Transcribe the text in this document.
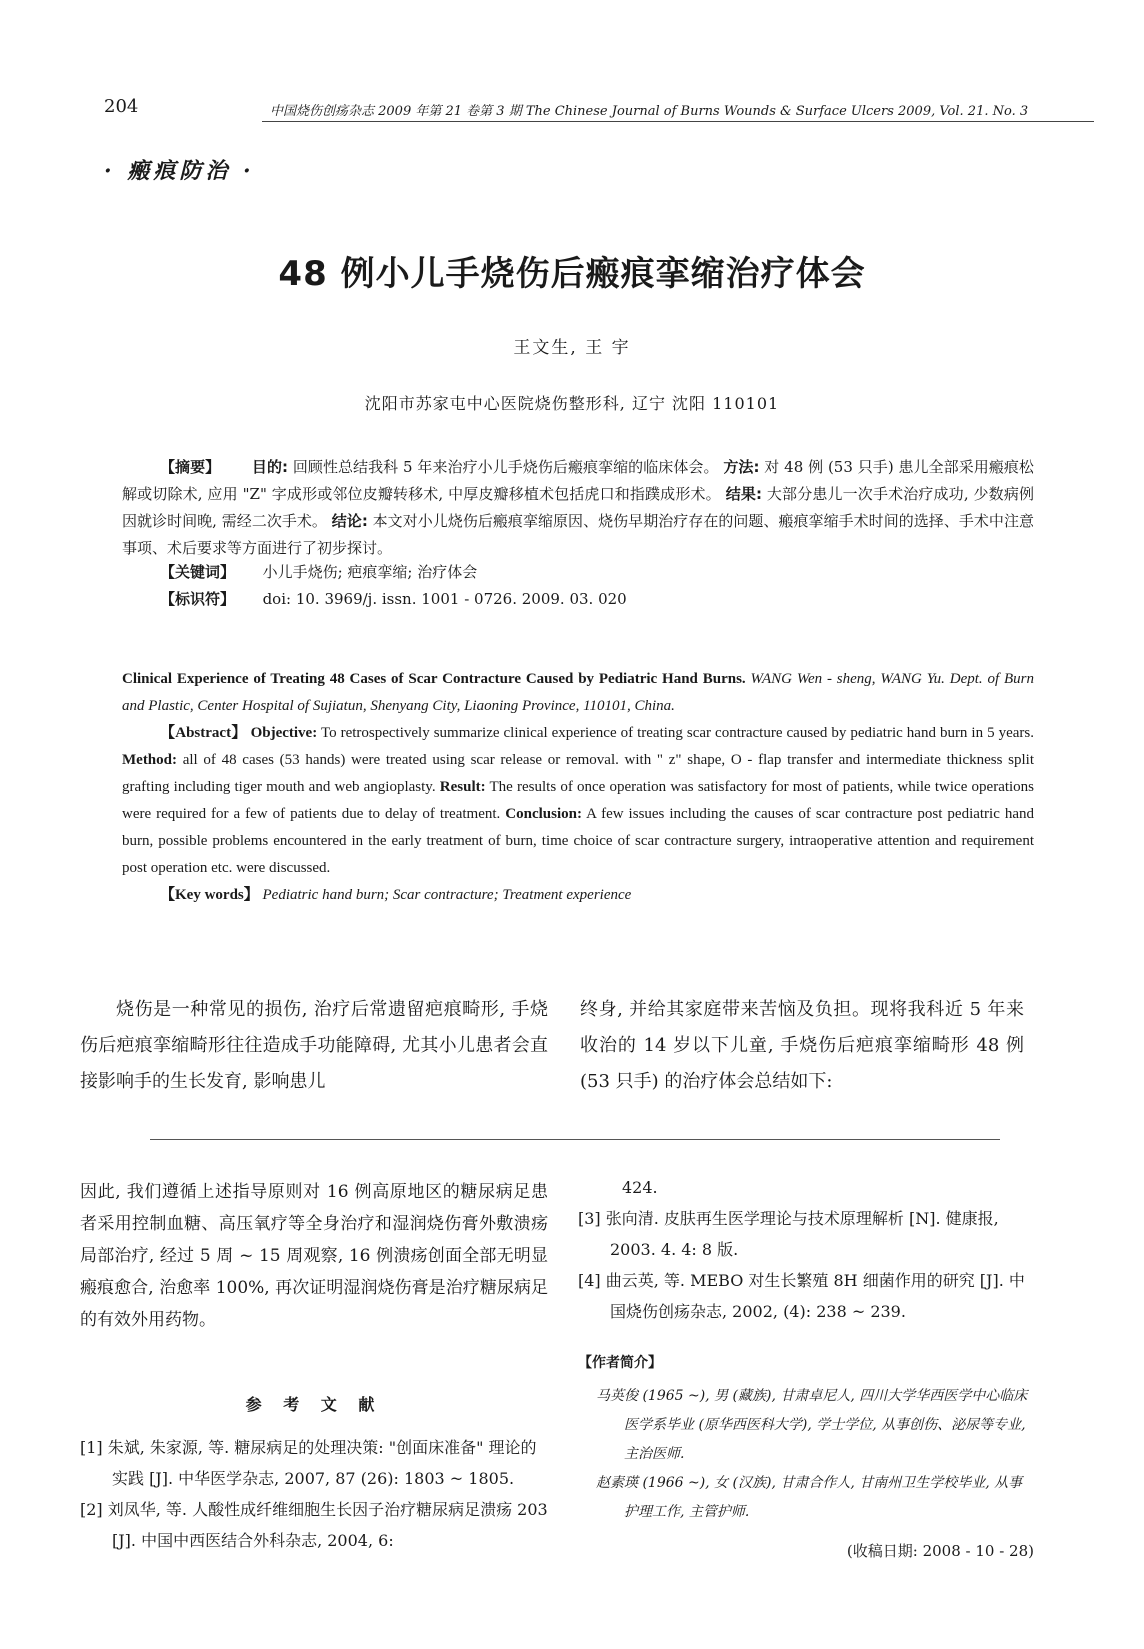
204	中国烧伤创疡杂志 2009 年第 21 卷第 3 期 The Chinese Journal of Burns Wounds & Surface Ulcers 2009, Vol. 21. No. 3
· 瘢痕防治 ·
48 例小儿手烧伤后瘢痕挛缩治疗体会
王文生, 王 宇
沈阳市苏家屯中心医院烧伤整形科, 辽宁 沈阳 110101
【摘要】 目的: 回顾性总结我科 5 年来治疗小儿手烧伤后瘢痕挛缩的临床体会。 方法: 对 48 例 (53 只手) 患儿全部采用瘢痕松解或切除术, 应用 "Z" 字成形或邻位皮瓣转移术, 中厚皮瓣移植术包括虎口和指蹼成形术。 结果: 大部分患儿一次手术治疗成功, 少数病例因就诊时间晚, 需经二次手术。 结论: 本文对小儿烧伤后瘢痕挛缩原因、烧伤早期治疗存在的问题、瘢痕挛缩手术时间的选择、手术中注意事项、术后要求等方面进行了初步探讨。
【关键词】 小儿手烧伤; 疤痕挛缩; 治疗体会
【标识符】 doi: 10. 3969/j. issn. 1001 - 0726. 2009. 03. 020

Clinical Experience of Treating 48 Cases of Scar Contracture Caused by Pediatric Hand Burns. WANG Wen - sheng, WANG Yu. Dept. of Burn and Plastic, Center Hospital of Sujiatun, Shenyang City, Liaoning Province, 110101, China.

【Abstract】 Objective: To retrospectively summarize clinical experience of treating scar contracture caused by pediatric hand burn in 5 years. Method: all of 48 cases (53 hands) were treated using scar release or removal. with " z" shape, O - flap transfer and intermediate thickness split grafting including tiger mouth and web angioplasty. Result: The results of once operation was satisfactory for most of patients, while twice operations were required for a few of patients due to delay of treatment. Conclusion: A few issues including the causes of scar contracture post pediatric hand burn, possible problems encountered in the early treatment of burn, time choice of scar contracture surgery, intraoperative attention and requirement post operation etc. were discussed.

【Key words】 Pediatric hand burn; Scar contracture; Treatment experience

烧伤是一种常见的损伤, 治疗后常遗留疤痕畸形, 手烧伤后疤痕挛缩畸形往往造成手功能障碍, 尤其小儿患者会直接影响手的生长发育, 影响患儿

终身, 并给其家庭带来苦恼及负担。现将我科近 5 年来收治的 14 岁以下儿童, 手烧伤后疤痕挛缩畸形 48 例 (53 只手) 的治疗体会总结如下:

因此, 我们遵循上述指导原则对 16 例高原地区的糖尿病足患者采用控制血糖、高压氧疗等全身治疗和湿润烧伤膏外敷溃疡局部治疗, 经过 5 周 ~ 15 周观察, 16 例溃疡创面全部无明显瘢痕愈合, 治愈率 100%, 再次证明湿润烧伤膏是治疗糖尿病足的有效外用药物。

参 考 文 献
[1] 朱斌, 朱家源, 等. 糖尿病足的处理决策: "创面床准备" 理论的实践 [J]. 中华医学杂志, 2007, 87 (26): 1803 ~ 1805.
[2] 刘凤华, 等. 人酸性成纤维细胞生长因子治疗糖尿病足溃疡 203 [J]. 中国中西医结合外科杂志, 2004, 6:
424.
[3] 张向清. 皮肤再生医学理论与技术原理解析 [N]. 健康报, 2003. 4. 4: 8 版.
[4] 曲云英, 等. MEBO 对生长繁殖 8H 细菌作用的研究 [J]. 中国烧伤创疡杂志, 2002, (4): 238 ~ 239.
【作者简介】
马英俊 (1965 ~), 男 (藏族), 甘肃卓尼人, 四川大学华西医学中心临床医学系毕业 (原华西医科大学), 学士学位, 从事创伤、泌尿等专业, 主治医师.
赵素瑛 (1966 ~), 女 (汉族), 甘肃合作人, 甘南州卫生学校毕业, 从事护理工作, 主管护师.
(收稿日期: 2008 - 10 - 28)
